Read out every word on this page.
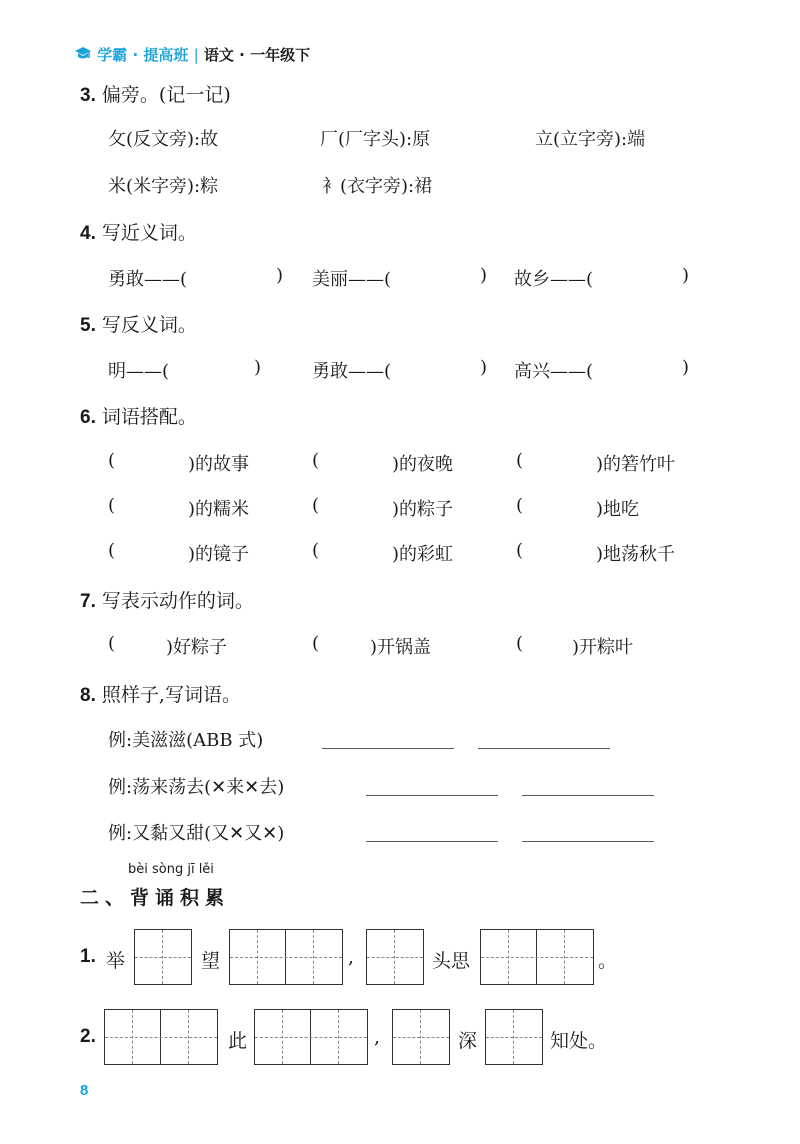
学霸 · 提高班 | 语文 · 一年级下
3. 偏旁。(记一记)
攵(反文旁):故	厂(厂字头):原	立(立字旁):端
米(米字旁):粽	衤(衣字旁):裙
4. 写近义词。
勇敢——(	) 美丽——(	) 故乡——(	)
5. 写反义词。
明——(	)	勇敢——(	) 高兴——(	)
6. 词语搭配。
(	)的故事	(	)的夜晚	(	)的箬竹叶
(	)的糯米	(	)的粽子	(	)地吃
(	)的镜子	(	)的彩虹	(	)地荡秋千
7. 写表示动作的词。
(	)好粽子	(	)开锅盖	(	)开粽叶
8. 照样子,写词语。
例:美滋滋(ABB 式)
例:荡来荡去(✕来✕去)
例:又黏又甜(又✕又✕)
bèi sòng jī lěi
二、背诵积累
1. 举	望	,	头思	。
2.	此	,	深	知处。
8
